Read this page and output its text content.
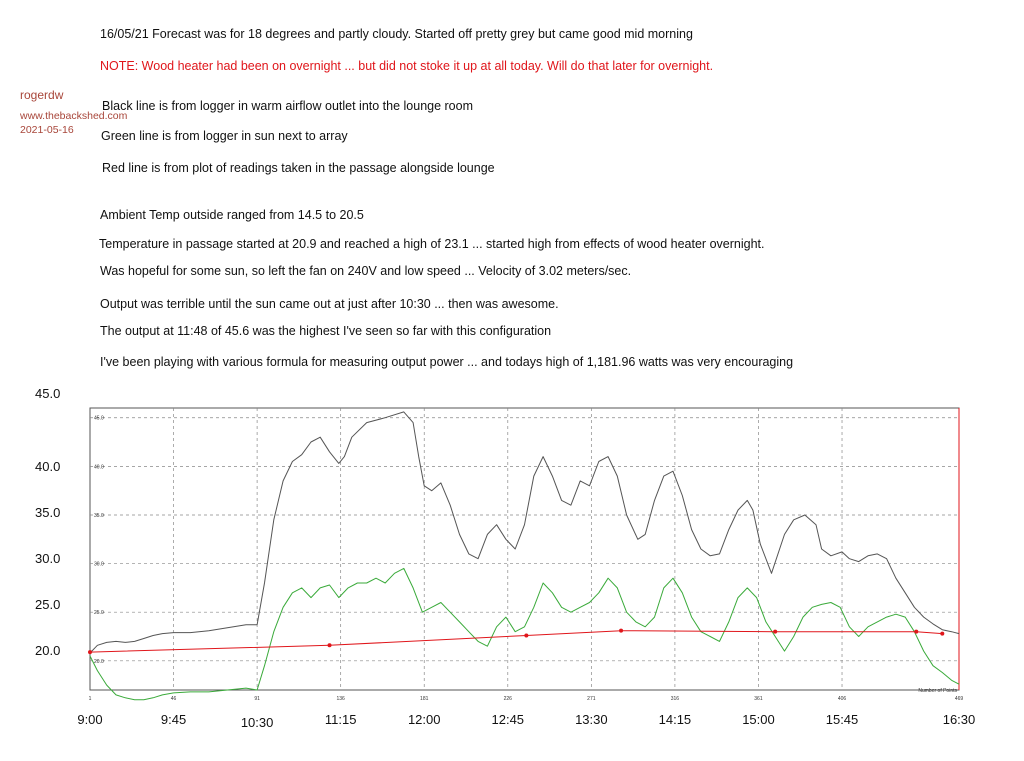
16/05/21 Forecast was for 18 degrees and partly cloudy. Started off pretty grey but came good mid morning
NOTE: Wood heater had been on overnight ... but did not stoke it up at all today. Will do that later for overnight.
Black line is from logger in warm airflow outlet into the lounge room
Green line is from logger in sun next to array
Red line is from plot of readings taken in the passage alongside lounge
Ambient Temp outside ranged from 14.5 to 20.5
Temperature in passage started at 20.9 and reached a high of 23.1 ... started high from effects of wood heater overnight.
Was hopeful for some sun, so left the fan on 240V and low speed ... Velocity of 3.02 meters/sec.
Output was terrible until the sun came out at just after 10:30 ... then was awesome.
The output at 11:48 of 45.6 was the highest I've seen so far with this configuration
I've been playing with various formula for measuring output power ... and todays high of 1,181.96 watts was very encouraging
rogerdw
www.thebackshed.com
2021-05-16
45.0
40.0
35.0
30.0
25.0
20.0
45.0
40.0
35.0
30.0
25.0
20.0
1	46	91	136	181	226	271	316	361	406	469
Number of Points
9:00	9:45	10:30	11:15	12:00	12:45	13:30	14:15	15:00	15:45	16:30
